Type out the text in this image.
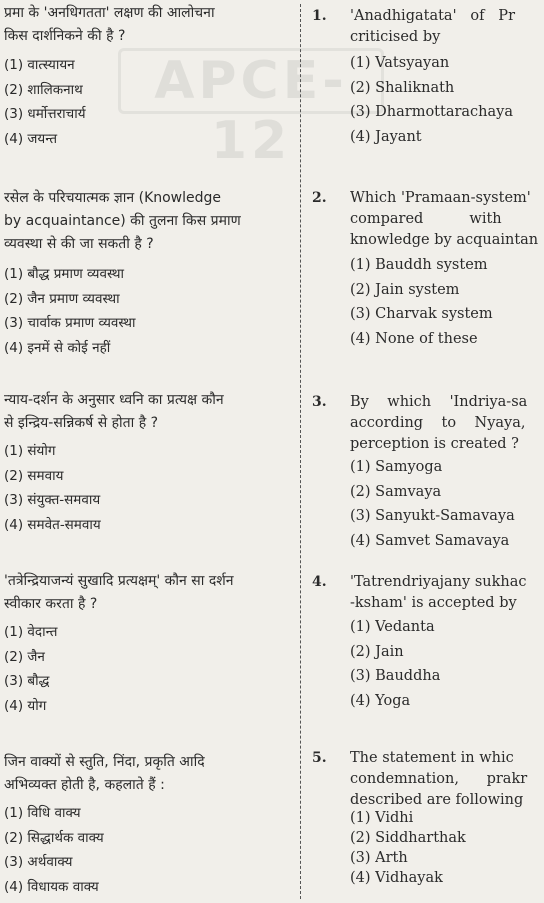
APCE-12
प्रमा के 'अनधिगतता' लक्षण की आलोचना
किस दार्शनिकने की है ?
(1) वात्स्यायन
(2) शालिकनाथ
(3) धर्मोत्तराचार्य
(4) जयन्त
रसेल के परिचयात्मक ज्ञान (Knowledge
by acquaintance) की तुलना किस प्रमाण
व्यवस्था से की जा सकती है ?
(1) बौद्ध प्रमाण व्यवस्था
(2) जैन प्रमाण व्यवस्था
(3) चार्वाक प्रमाण व्यवस्था
(4) इनमें से कोई नहीं
न्याय-दर्शन के अनुसार ध्वनि का प्रत्यक्ष कौन
से इन्द्रिय-सन्निकर्ष से होता है ?
(1) संयोग
(2) समवाय
(3) संयुक्त-समवाय
(4) समवेत-समवाय
'तत्रेन्द्रियाजन्यं सुखादि प्रत्यक्षम्' कौन सा दर्शन
स्वीकार करता है ?
(1) वेदान्त
(2) जैन
(3) बौद्ध
(4) योग
जिन वाक्यों से स्तुति, निंदा, प्रकृति आदि
अभिव्यक्त होती है, कहलाते हैं :
(1) विधि वाक्य
(2) सिद्धार्थक वाक्य
(3) अर्थवाक्य
(4) विधायक वाक्य
1. 'Anadhigatata'   of   Pr
criticised by
(1) Vatsyayan
(2) Shaliknath
(3) Dharmottarachaya
(4) Jayant
2. Which 'Pramaan-system'
compared          with
knowledge by acquaintan
(1) Bauddh system
(2) Jain system
(3) Charvak system
(4) None of these
3. By    which    'Indriya-sa
according    to    Nyaya,
perception is created ?
(1) Samyoga
(2) Samvaya
(3) Sanyukt-Samavaya
(4) Samvet Samavaya
4. 'Tatrendriyajany sukhac
-ksham' is accepted by
(1) Vedanta
(2) Jain
(3) Bauddha
(4) Yoga
5. The statement in whic
condemnation,      prakr
described are following
(1) Vidhi
(2) Siddharthak
(3) Arth
(4) Vidhayak
